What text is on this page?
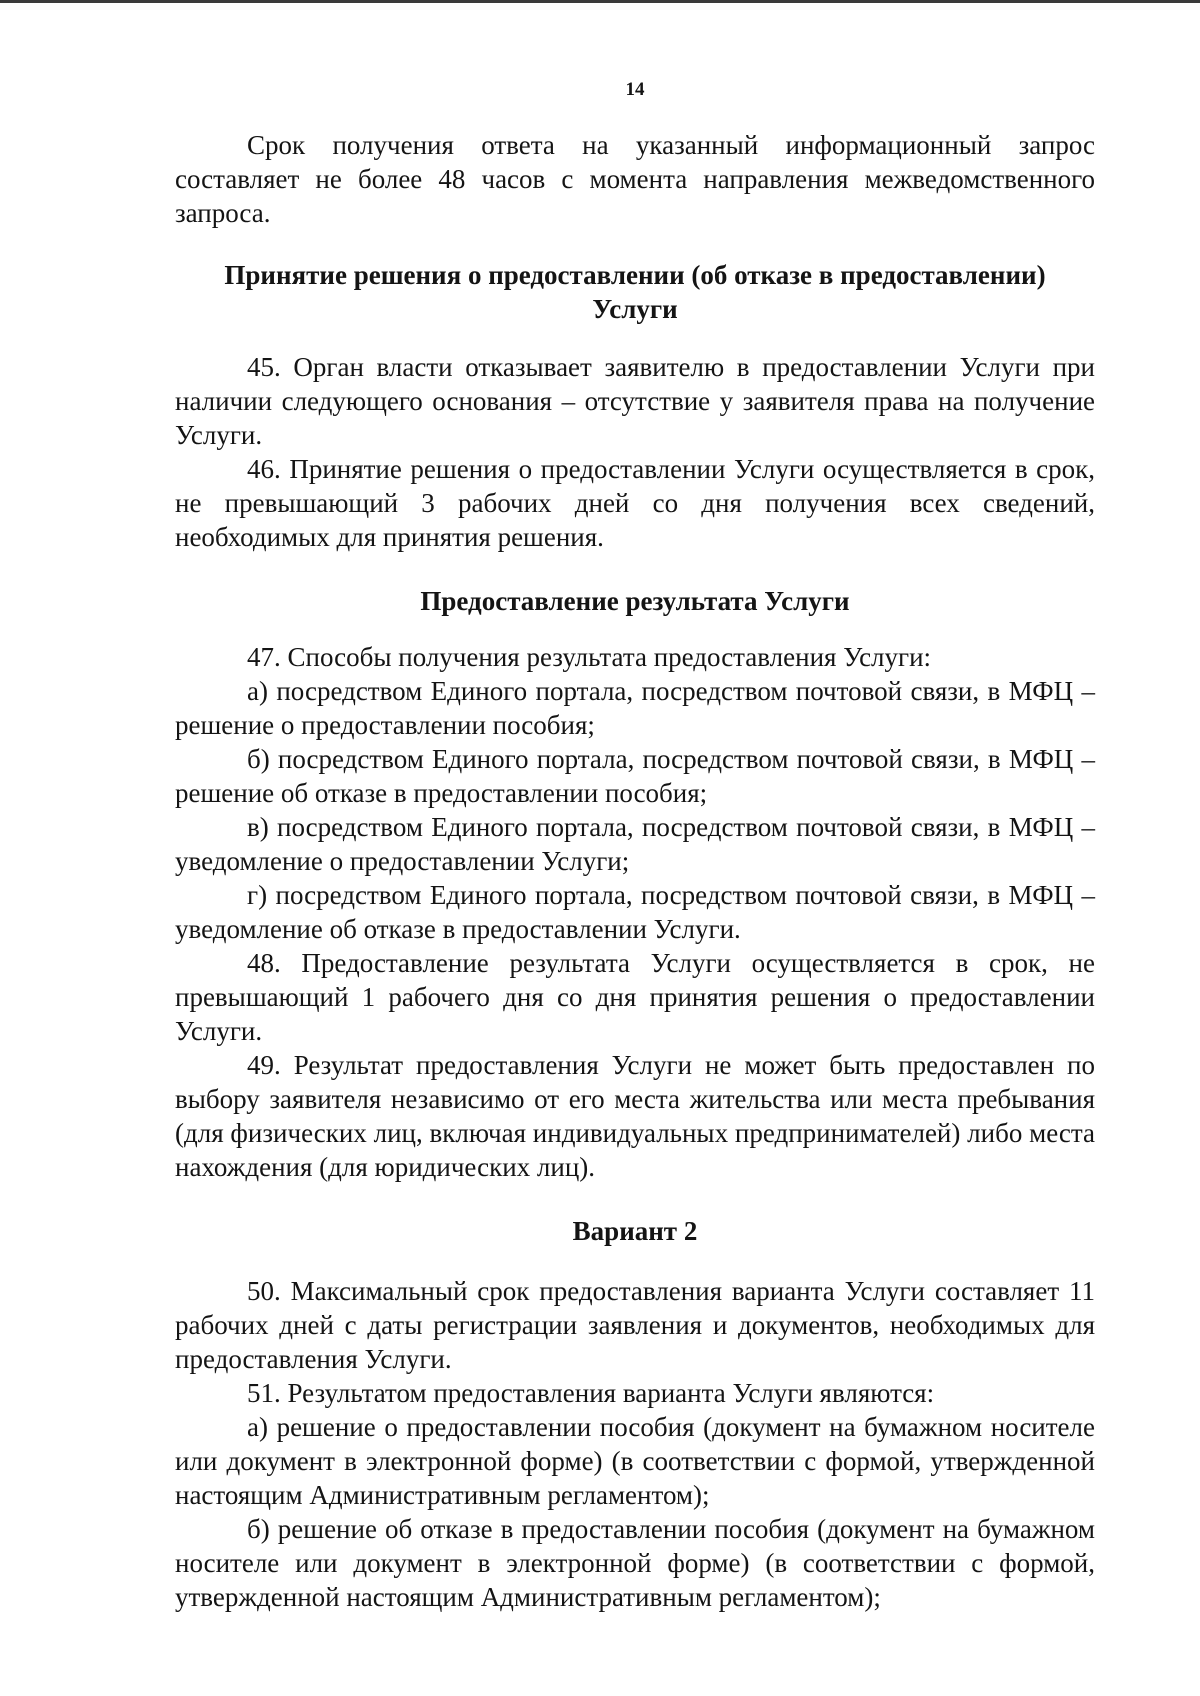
14

Срок получения ответа на указанный информационный запрос составляет не более 48 часов с момента направления межведомственного запроса.

Принятие решения о предоставлении (об отказе в предоставлении)
Услуги

45. Орган власти отказывает заявителю в предоставлении Услуги при наличии следующего основания – отсутствие у заявителя права на получение Услуги.

46. Принятие решения о предоставлении Услуги осуществляется в срок, не превышающий 3 рабочих дней со дня получения всех сведений, необходимых для принятия решения.

Предоставление результата Услуги

47. Способы получения результата предоставления Услуги:

а) посредством Единого портала, посредством почтовой связи, в МФЦ – решение о предоставлении пособия;

б) посредством Единого портала, посредством почтовой связи, в МФЦ – решение об отказе в предоставлении пособия;

в) посредством Единого портала, посредством почтовой связи, в МФЦ – уведомление о предоставлении Услуги;

г) посредством Единого портала, посредством почтовой связи, в МФЦ – уведомление об отказе в предоставлении Услуги.

48. Предоставление результата Услуги осуществляется в срок, не превышающий 1 рабочего дня со дня принятия решения о предоставлении Услуги.

49. Результат предоставления Услуги не может быть предоставлен по выбору заявителя независимо от его места жительства или места пребывания (для физических лиц, включая индивидуальных предпринимателей) либо места нахождения (для юридических лиц).

Вариант 2

50. Максимальный срок предоставления варианта Услуги составляет 11 рабочих дней с даты регистрации заявления и документов, необходимых для предоставления Услуги.

51. Результатом предоставления варианта Услуги являются:

а) решение о предоставлении пособия (документ на бумажном носителе или документ в электронной форме) (в соответствии с формой, утвержденной настоящим Административным регламентом);

б) решение об отказе в предоставлении пособия (документ на бумажном носителе или документ в электронной форме) (в соответствии с формой, утвержденной настоящим Административным регламентом);
